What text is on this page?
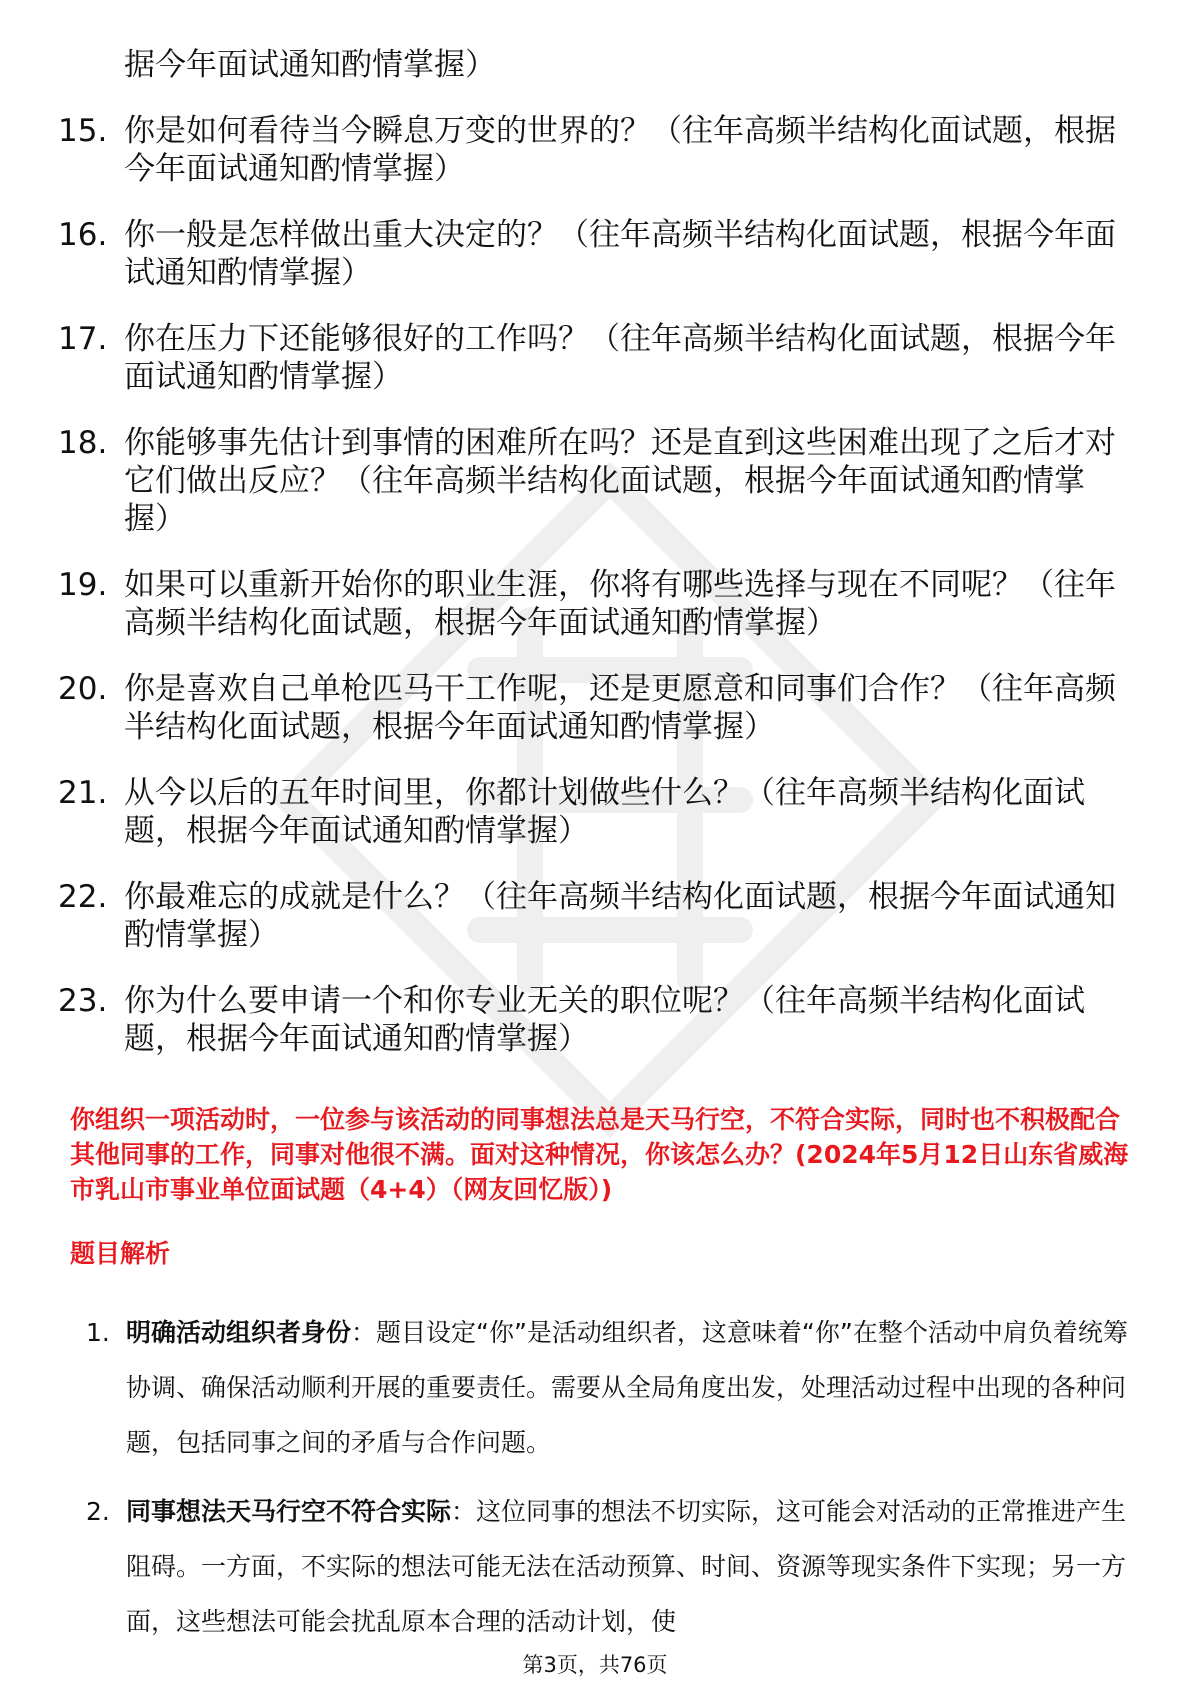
据今年面试通知酌情掌握）
15. 你是如何看待当今瞬息万变的世界的？（往年高频半结构化面试题，根据今年面试通知酌情掌握）
16. 你一般是怎样做出重大决定的？（往年高频半结构化面试题，根据今年面试通知酌情掌握）
17. 你在压力下还能够很好的工作吗？（往年高频半结构化面试题，根据今年面试通知酌情掌握）
18. 你能够事先估计到事情的困难所在吗？还是直到这些困难出现了之后才对它们做出反应？（往年高频半结构化面试题，根据今年面试通知酌情掌握）
19. 如果可以重新开始你的职业生涯，你将有哪些选择与现在不同呢？（往年高频半结构化面试题，根据今年面试通知酌情掌握）
20. 你是喜欢自己单枪匹马干工作呢，还是更愿意和同事们合作？（往年高频半结构化面试题，根据今年面试通知酌情掌握）
21. 从今以后的五年时间里，你都计划做些什么？（往年高频半结构化面试题，根据今年面试通知酌情掌握）
22. 你最难忘的成就是什么？（往年高频半结构化面试题，根据今年面试通知酌情掌握）
23. 你为什么要申请一个和你专业无关的职位呢？（往年高频半结构化面试题，根据今年面试通知酌情掌握）
你组织一项活动时，一位参与该活动的同事想法总是天马行空，不符合实际，同时也不积极配合其他同事的工作，同事对他很不满。面对这种情况，你该怎么办？(2024年5月12日山东省威海市乳山市事业单位面试题（4+4）（网友回忆版）)
题目解析
1. 明确活动组织者身份：题目设定“你”是活动组织者，这意味着“你”在整个活动中肩负着统筹协调、确保活动顺利开展的重要责任。需要从全局角度出发，处理活动过程中出现的各种问题，包括同事之间的矛盾与合作问题。
2. 同事想法天马行空不符合实际：这位同事的想法不切实际，这可能会对活动的正常推进产生阻碍。一方面，不实际的想法可能无法在活动预算、时间、资源等现实条件下实现；另一方面，这些想法可能会扰乱原本合理的活动计划，使
第3页，共76页
